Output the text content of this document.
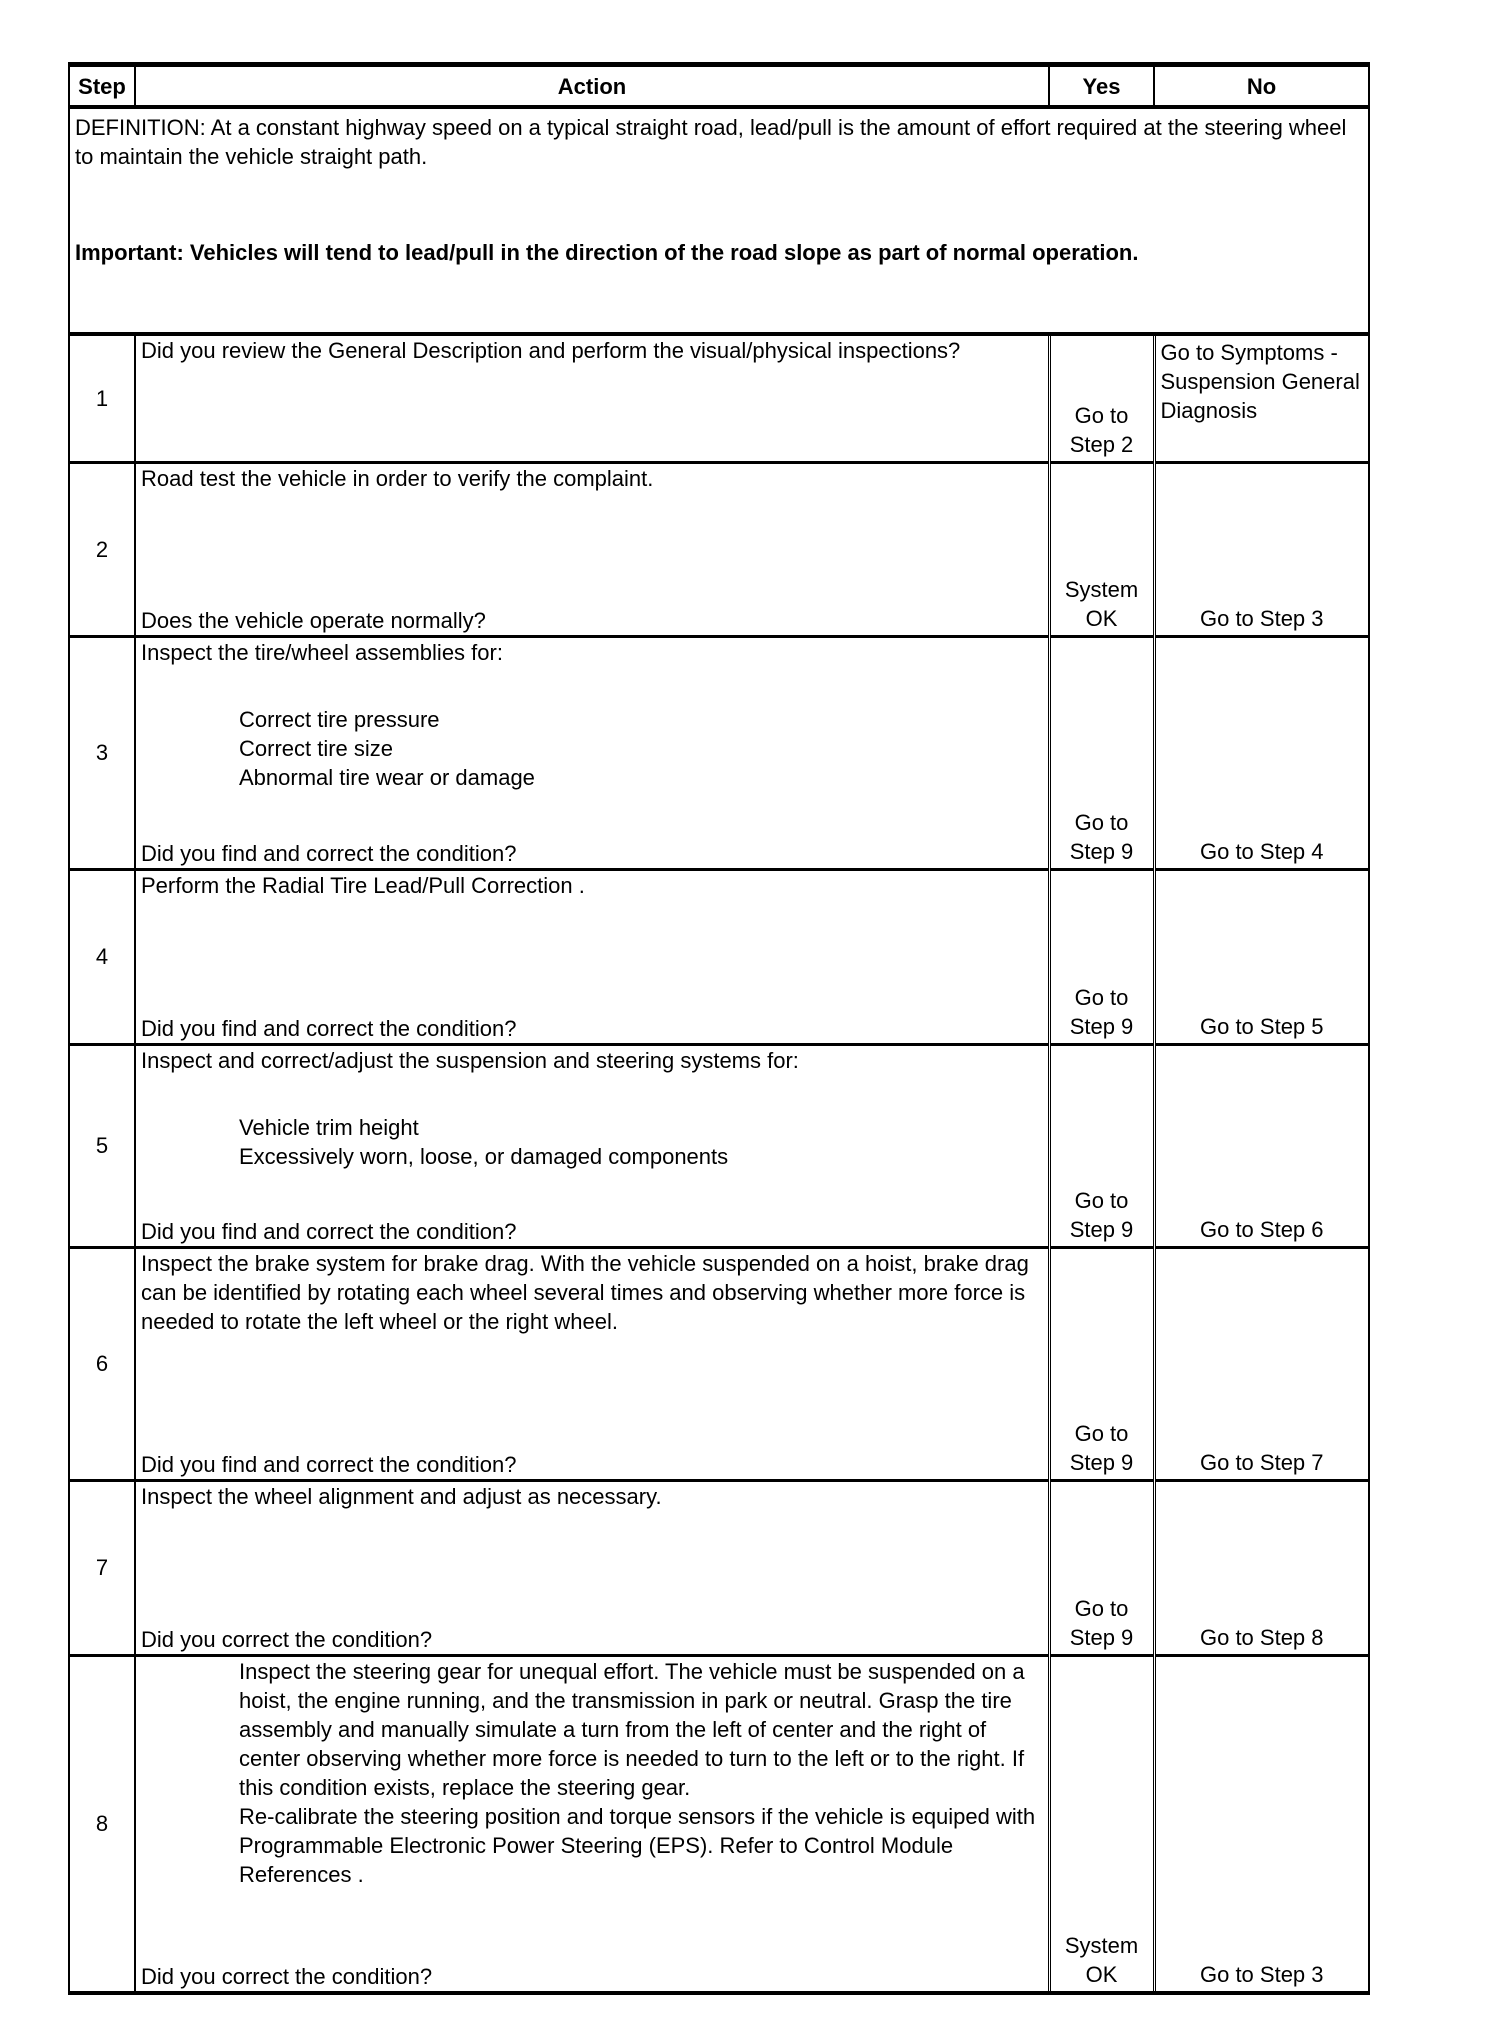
Step	Action	Yes	No

DEFINITION: At a constant highway speed on a typical straight road, lead/pull is the amount of effort required at the steering wheel to maintain the vehicle straight path.
Important: Vehicles will tend to lead/pull in the direction of the road slope as part of normal operation.			

1	Did you review the General Description and perform the visual/physical inspections?	Go to Step 2	Go to Symptoms - Suspension General Diagnosis
2	Road test the vehicle in order to verify the complaint.
Does the vehicle operate normally?	System OK	Go to Step 3
3	Inspect the tire/wheel assemblies for:
Correct tire pressure
Correct tire size
Abnormal tire wear or damage
Did you find and correct the condition?	Go to Step 9	Go to Step 4
4	Perform the Radial Tire Lead/Pull Correction .
Did you find and correct the condition?	Go to Step 9	Go to Step 5
5	Inspect and correct/adjust the suspension and steering systems for:
Vehicle trim height
Excessively worn, loose, or damaged components
Did you find and correct the condition?	Go to Step 9	Go to Step 6
6	Inspect the brake system for brake drag. With the vehicle suspended on a hoist, brake drag can be identified by rotating each wheel several times and observing whether more force is needed to rotate the left wheel or the right wheel.
Did you find and correct the condition?	Go to Step 9	Go to Step 7
7	Inspect the wheel alignment and adjust as necessary.
Did you correct the condition?	Go to Step 9	Go to Step 8
8	Inspect the steering gear for unequal effort. The vehicle must be suspended on a hoist, the engine running, and the transmission in park or neutral. Grasp the tire assembly and manually simulate a turn from the left of center and the right of center observing whether more force is needed to turn to the left or to the right. If this condition exists, replace the steering gear.
Re-calibrate the steering position and torque sensors if the vehicle is equiped with Programmable Electronic Power Steering (EPS). Refer to Control Module References .
Did you correct the condition?	System OK	Go to Step 3
